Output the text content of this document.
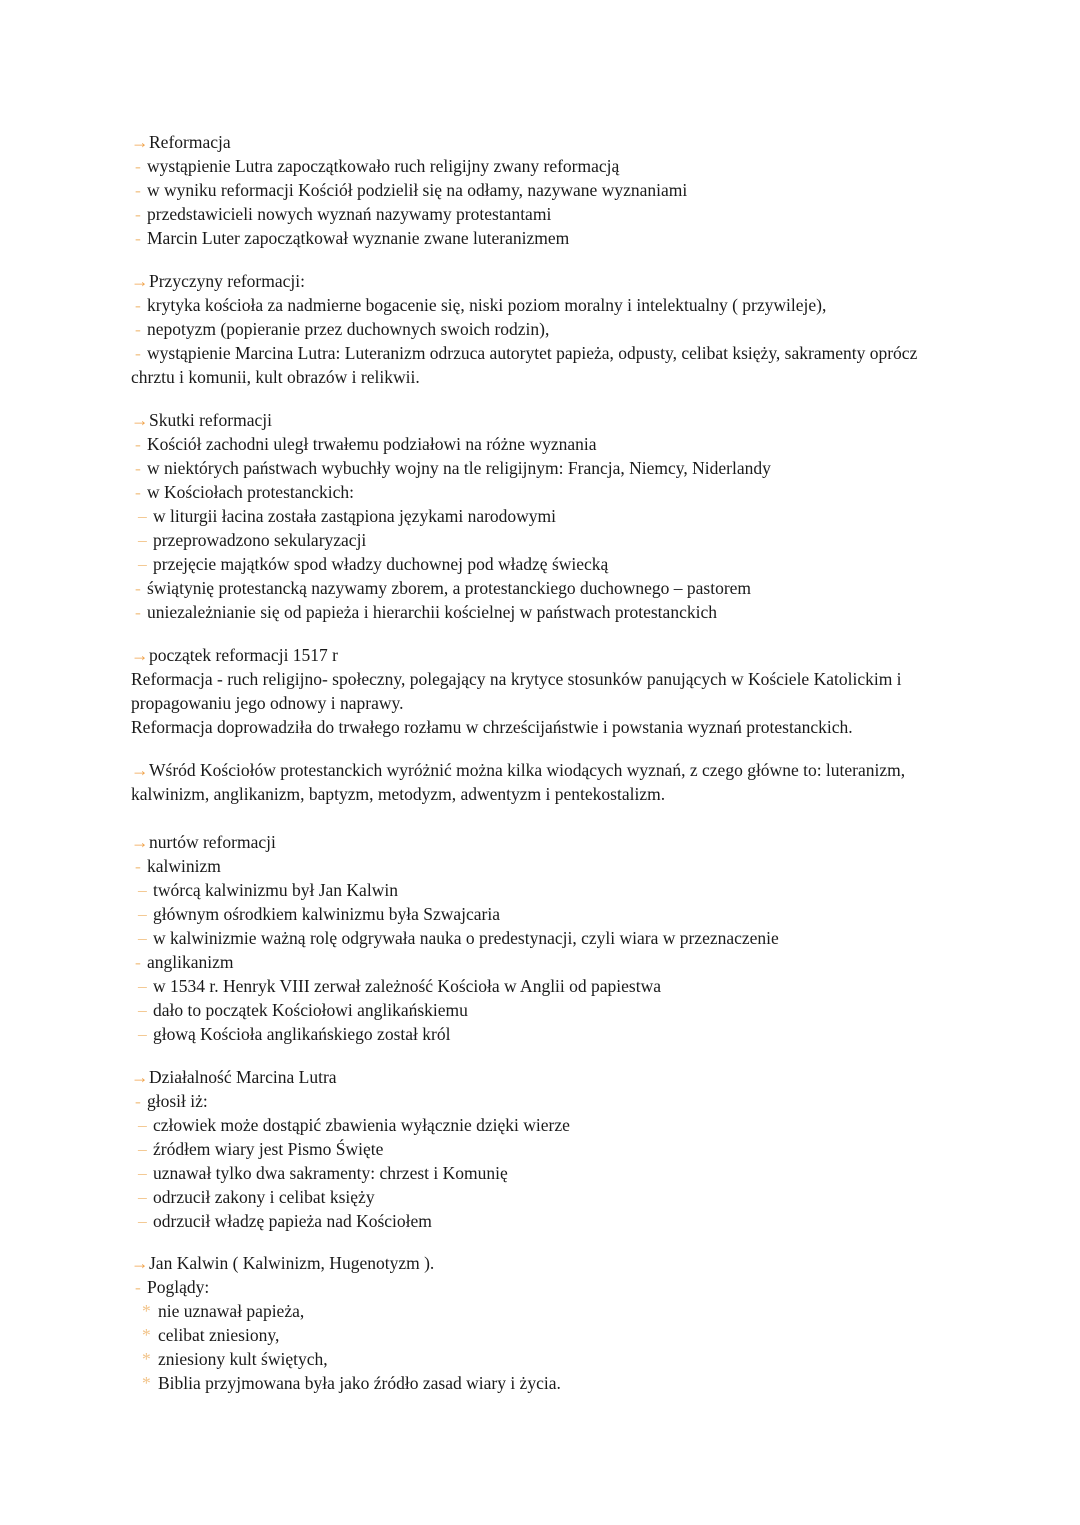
→ Reformacja
- wystąpienie Lutra zapoczątkowało ruch religijny zwany reformacją
- w wyniku reformacji Kościół podzielił się na odłamy, nazywane wyznaniami
- przedstawicieli nowych wyznań nazywamy protestantami
- Marcin Luter zapoczątkował wyznanie zwane luteranizmem
→ Przyczyny reformacji:
- krytyka kościoła za nadmierne bogacenie się, niski poziom moralny i intelektualny ( przywileje),
- nepotyzm (popieranie przez duchownych swoich rodzin),
- wystąpienie Marcina Lutra: Luteranizm odrzuca autorytet papieża, odpusty, celibat księży, sakramenty oprócz
chrztu i komunii, kult obrazów i relikwii.
→ Skutki reformacji
- Kościół zachodni uległ trwałemu podziałowi na różne wyznania
- w niektórych państwach wybuchły wojny na tle religijnym: Francja, Niemcy, Niderlandy
- w Kościołach protestanckich:
– w liturgii łacina została zastąpiona językami narodowymi
– przeprowadzono sekularyzacji
– przejęcie majątków spod władzy duchownej pod władzę świecką
- świątynię protestancką nazywamy zborem, a protestanckiego duchownego – pastorem
- uniezależnianie się od papieża i hierarchii kościelnej w państwach protestanckich
→ początek reformacji 1517 r
Reformacja - ruch religijno- społeczny, polegający na krytyce stosunków panujących w Kościele Katolickim i
propagowaniu jego odnowy i naprawy.
Reformacja doprowadziła do trwałego rozłamu w chrześcijaństwie i powstania wyznań protestanckich.
→ Wśród Kościołów protestanckich wyróżnić można kilka wiodących wyznań, z czego główne to: luteranizm,
kalwinizm, anglikanizm, baptyzm, metodyzm, adwentyzm i pentekostalizm.
→ nurtów reformacji
- kalwinizm
– twórcą kalwinizmu był Jan Kalwin
– głównym ośrodkiem kalwinizmu była Szwajcaria
– w kalwinizmie ważną rolę odgrywała nauka o predestynacji, czyli wiara w przeznaczenie
- anglikanizm
– w 1534 r. Henryk VIII zerwał zależność Kościoła w Anglii od papiestwa
– dało to początek Kościołowi anglikańskiemu
– głową Kościoła anglikańskiego został król
→ Działalność Marcina Lutra
- głosił iż:
– człowiek może dostąpić zbawienia wyłącznie dzięki wierze
– źródłem wiary jest Pismo Święte
– uznawał tylko dwa sakramenty: chrzest i Komunię
– odrzucił zakony i celibat księży
– odrzucił władzę papieża nad Kościołem
→ Jan Kalwin ( Kalwinizm, Hugenotyzm ).
- Poglądy:
* nie uznawał papieża,
* celibat zniesiony,
* zniesiony kult świętych,
* Biblia przyjmowana była jako źródło zasad wiary i życia.
